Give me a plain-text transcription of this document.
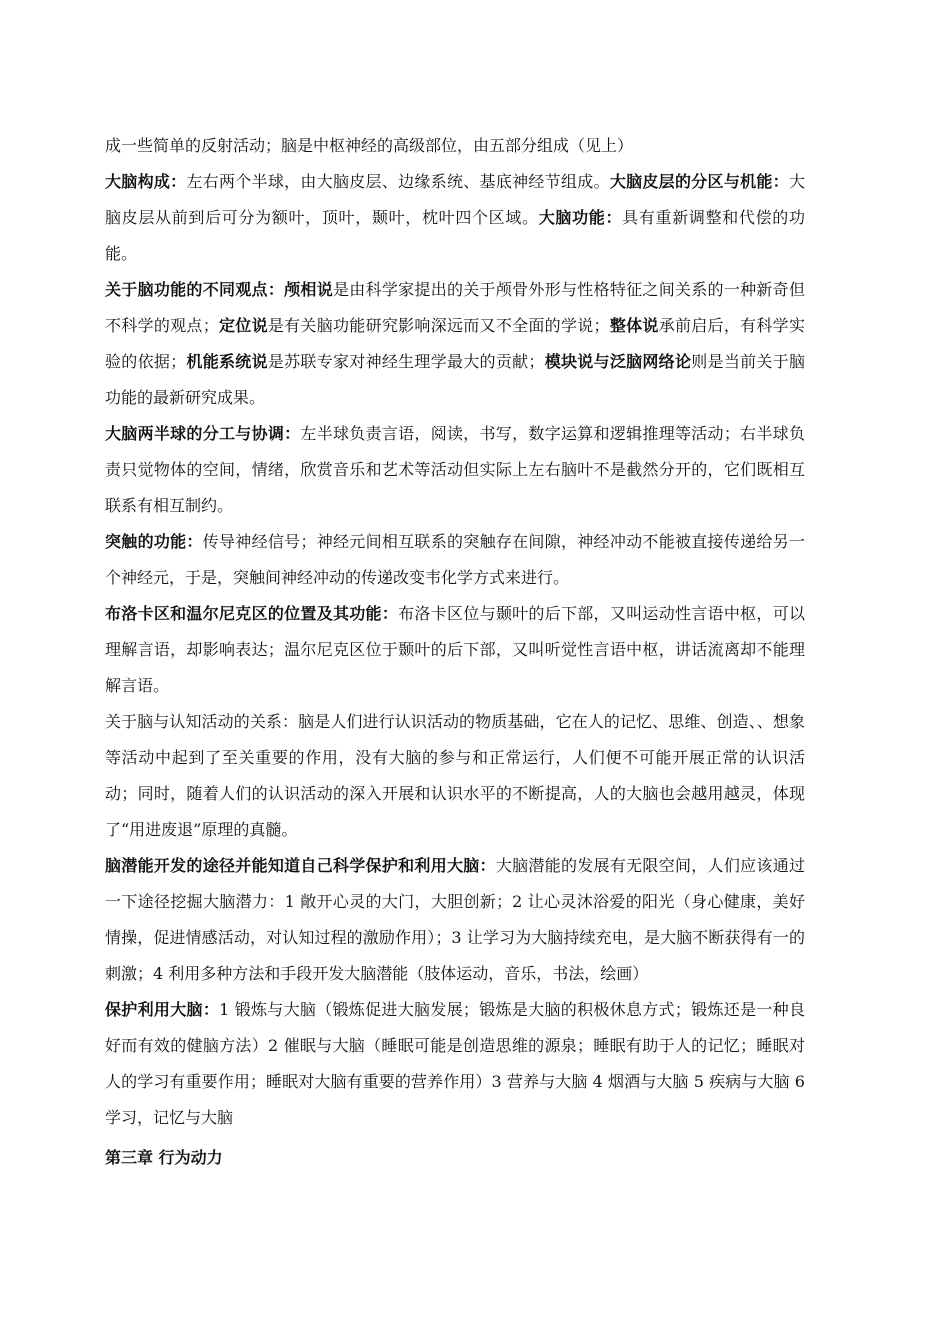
成一些简单的反射活动；脑是中枢神经的高级部位，由五部分组成（见上）

大脑构成：左右两个半球，由大脑皮层、边缘系统、基底神经节组成。大脑皮层的分区与机能：大脑皮层从前到后可分为额叶，顶叶，颞叶，枕叶四个区域。大脑功能：具有重新调整和代偿的功能。

关于脑功能的不同观点：颅相说是由科学家提出的关于颅骨外形与性格特征之间关系的一种新奇但不科学的观点；定位说是有关脑功能研究影响深远而又不全面的学说；整体说承前启后，有科学实验的依据；机能系统说是苏联专家对神经生理学最大的贡献；模块说与泛脑网络论则是当前关于脑功能的最新研究成果。

大脑两半球的分工与协调：左半球负责言语，阅读，书写，数字运算和逻辑推理等活动；右半球负责只觉物体的空间，情绪，欣赏音乐和艺术等活动但实际上左右脑叶不是截然分开的，它们既相互联系有相互制约。

突触的功能：传导神经信号；神经元间相互联系的突触存在间隙，神经冲动不能被直接传递给另一个神经元，于是，突触间神经冲动的传递改变韦化学方式来进行。

布洛卡区和温尔尼克区的位置及其功能：布洛卡区位与颞叶的后下部，又叫运动性言语中枢，可以理解言语，却影响表达；温尔尼克区位于颞叶的后下部，又叫听觉性言语中枢，讲话流离却不能理解言语。

关于脑与认知活动的关系：脑是人们进行认识活动的物质基础，它在人的记忆、思维、创造、、想象等活动中起到了至关重要的作用，没有大脑的参与和正常运行，人们便不可能开展正常的认识活动；同时，随着人们的认识活动的深入开展和认识水平的不断提高，人的大脑也会越用越灵，体现了“用进废退”原理的真髓。

脑潜能开发的途径并能知道自己科学保护和利用大脑：大脑潜能的发展有无限空间，人们应该通过一下途径挖掘大脑潜力：1 敞开心灵的大门，大胆创新；2 让心灵沐浴爱的阳光（身心健康，美好情操，促进情感活动，对认知过程的激励作用）；3 让学习为大脑持续充电，是大脑不断获得有一的刺激；4 利用多种方法和手段开发大脑潜能（肢体运动，音乐，书法，绘画）

保护利用大脑：1 锻炼与大脑（锻炼促进大脑发展；锻炼是大脑的积极休息方式；锻炼还是一种良好而有效的健脑方法）2 催眠与大脑（睡眠可能是创造思维的源泉；睡眠有助于人的记忆；睡眠对人的学习有重要作用；睡眠对大脑有重要的营养作用）3 营养与大脑 4 烟酒与大脑 5 疾病与大脑 6 学习，记忆与大脑

第三章 行为动力
